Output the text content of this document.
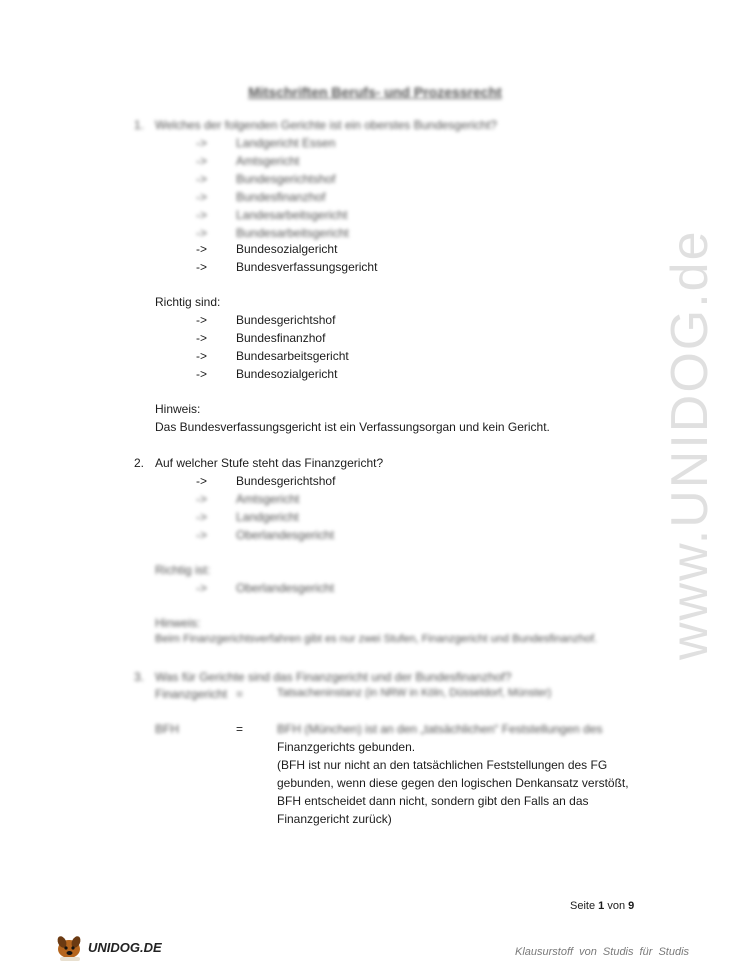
www.UNIDOG.de
Mitschriften Berufs- und Prozessrecht
1. Welches der folgenden Gerichte ist ein oberstes Bundesgericht?
-> Landgericht Essen
-> Amtsgericht
-> Bundesgerichtshof
-> Bundesfinanzhof
-> Landesarbeitsgericht
-> Bundesarbeitsgericht
-> Bundesozialgericht
-> Bundesverfassungsgericht
Richtig sind:
-> Bundesgerichtshof
-> Bundesfinanzhof
-> Bundesarbeitsgericht
-> Bundesozialgericht
Hinweis:
Das Bundesverfassungsgericht ist ein Verfassungsorgan und kein Gericht.
2. Auf welcher Stufe steht das Finanzgericht?
-> Bundesgerichtshof
-> Amtsgericht
-> Landgericht
-> Oberlandesgericht
Richtig ist:
-> Oberlandesgericht
Hinweis:
Beim Finanzgerichtsverfahren gibt es nur zwei Stufen, Finanzgericht und Bundesfinanzhof.
3. Was für Gerichte sind das Finanzgericht und der Bundesfinanzhof?
Finanzgericht =	Tatsacheninstanz (in NRW in Köln, Düsseldorf, Münster)
BFH	=	BFH (München) ist an den „tatsächlichen“ Feststellungen des
Finanzgerichts gebunden.
(BFH ist nur nicht an den tatsächlichen Feststellungen des FG
gebunden, wenn diese gegen den logischen Denkansatz verstößt,
BFH entscheidet dann nicht, sondern gibt den Falls an das
Finanzgericht zurück)
Seite 1 von 9
UNIDOG.DE	Klausurstoff von Studis für Studis
